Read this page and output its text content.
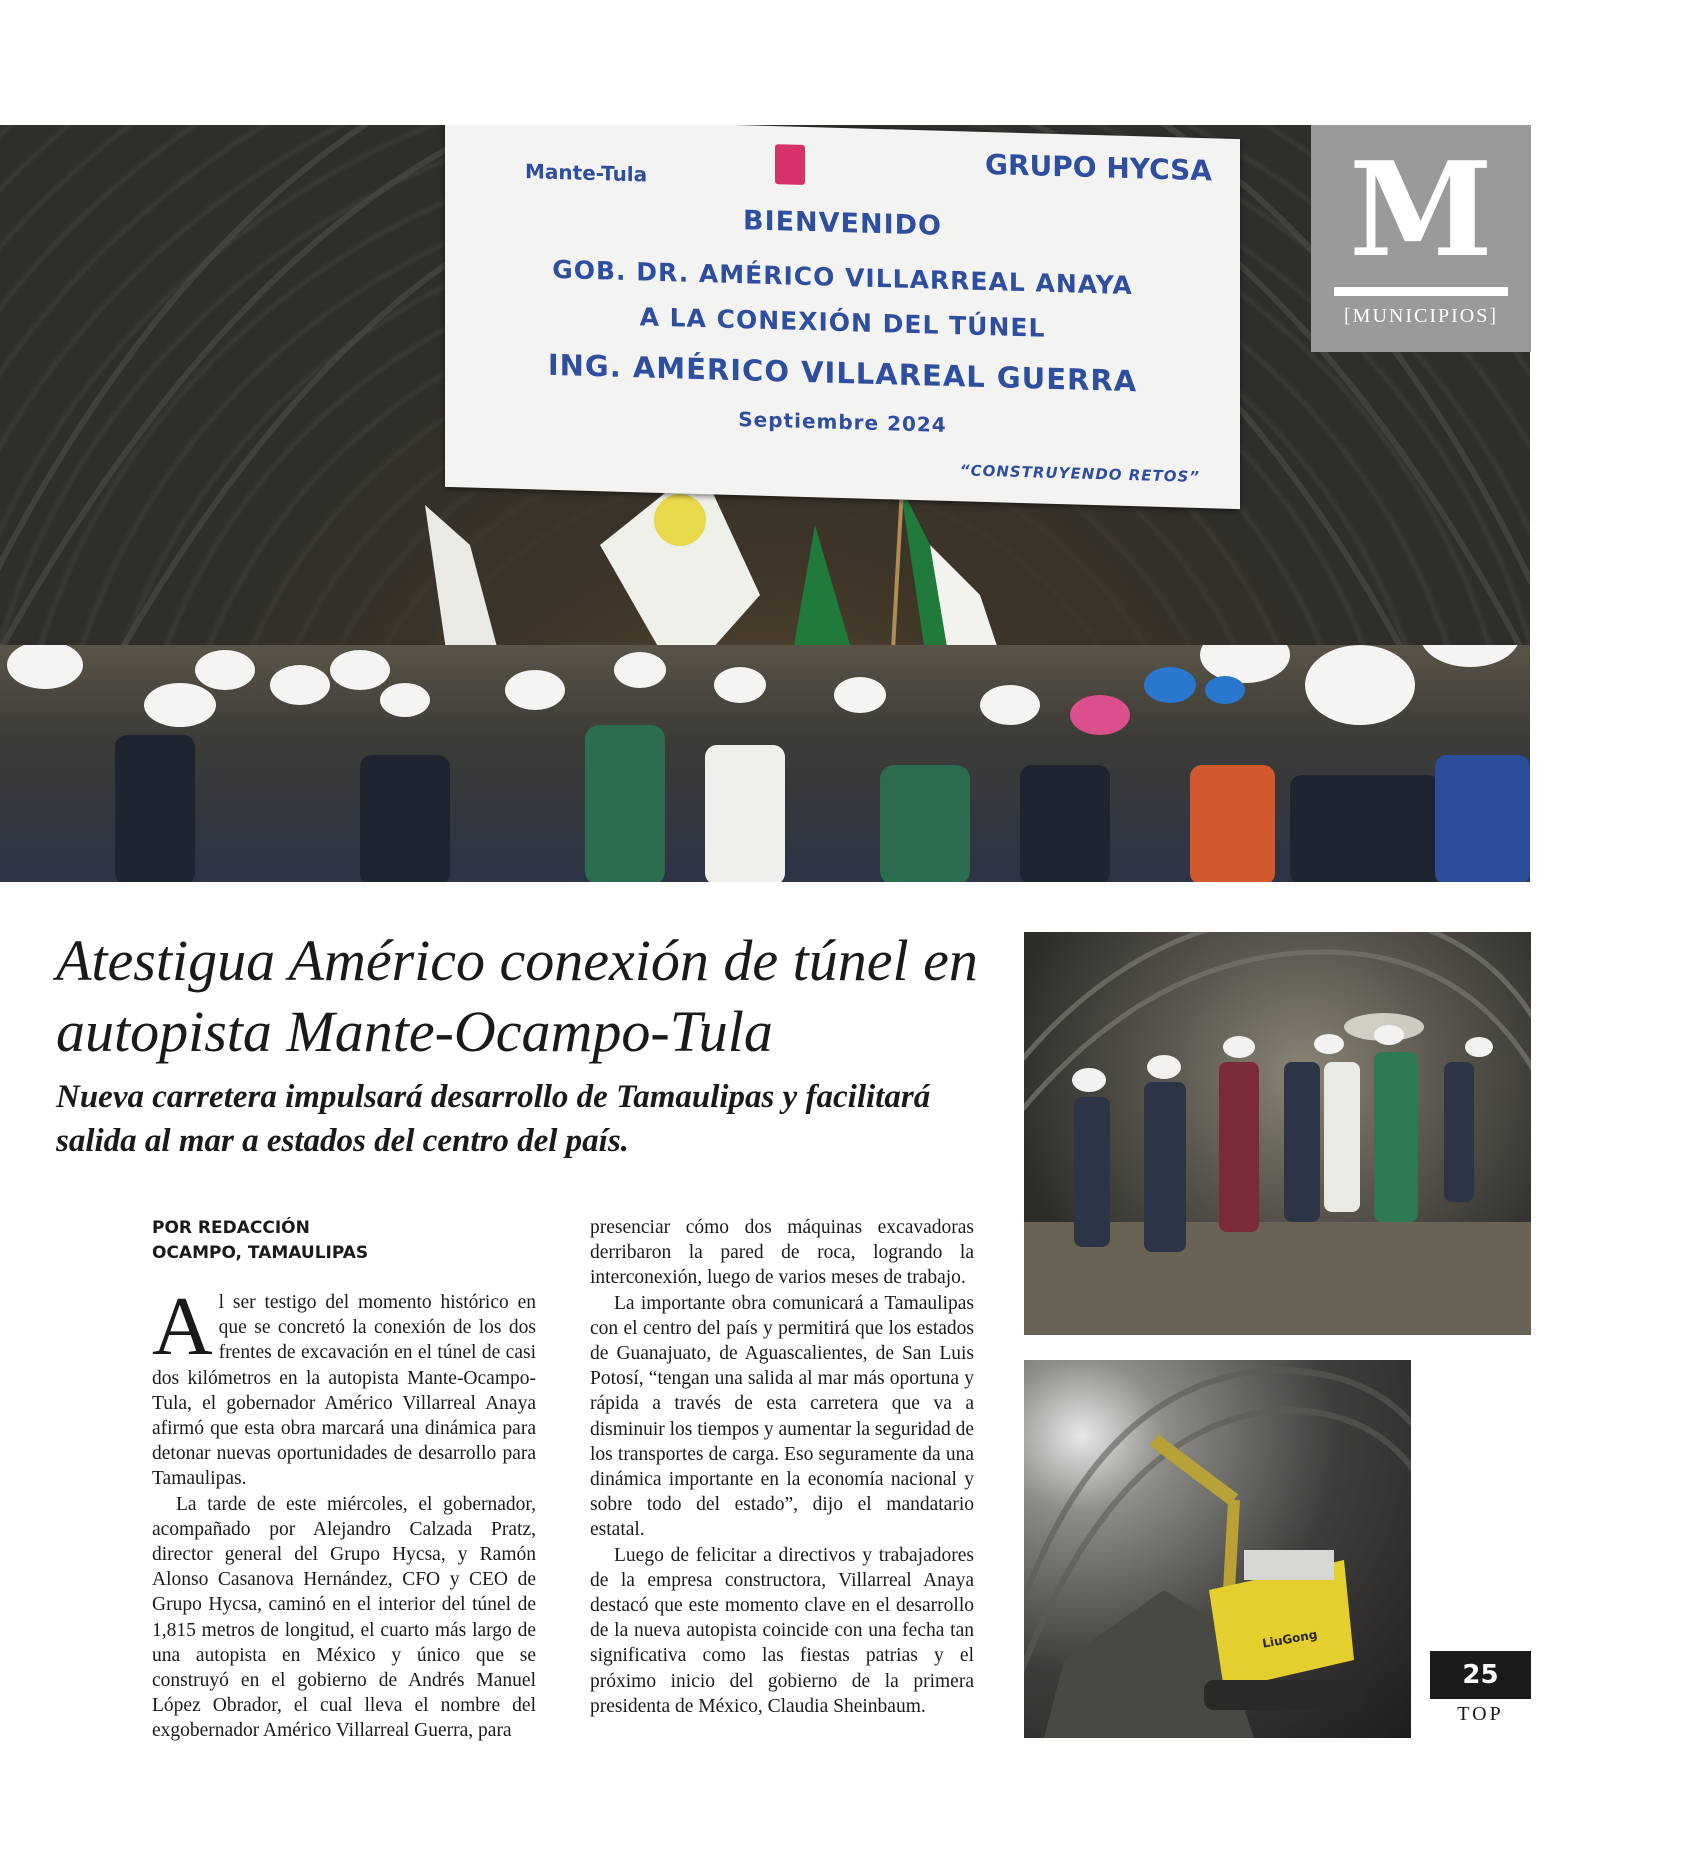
Mante-Tula	GRUPO HYCSA
BIENVENIDO
GOB. DR. AMÉRICO VILLARREAL ANAYA
A LA CONEXIÓN DEL TÚNEL
ING. AMÉRICO VILLAREAL GUERRA
Septiembre 2024
“CONSTRUYENDO RETOS”
M
[MUNICIPIOS]
Atestigua Américo conexión de túnel en autopista Mante-Ocampo-Tula
Nueva carretera impulsará desarrollo de Tamaulipas y facilitará salida al mar a estados del centro del país.
POR REDACCIÓN
OCAMPO, TAMAULIPAS

Al ser testigo del momento histórico en que se concretó la conexión de los dos frentes de excavación en el túnel de casi dos kilómetros en la autopista Mante-Ocampo-Tula, el gobernador Américo Villarreal Anaya afirmó que esta obra marcará una dinámica para detonar nuevas oportunidades de desarrollo para Tamaulipas.

La tarde de este miércoles, el gobernador, acompañado por Alejandro Calzada Pratz, director general del Grupo Hycsa, y Ramón Alonso Casanova Hernández, CFO y CEO de Grupo Hycsa, caminó en el interior del túnel de 1,815 metros de longitud, el cuarto más largo de una autopista en México y único que se construyó en el gobierno de Andrés Manuel López Obrador, el cual lleva el nombre del exgobernador Américo Villarreal Guerra, para

presenciar cómo dos máquinas excavadoras derribaron la pared de roca, logrando la interconexión, luego de varios meses de trabajo.

La importante obra comunicará a Tamaulipas con el centro del país y permitirá que los estados de Guanajuato, de Aguascalientes, de San Luis Potosí, “tengan una salida al mar más oportuna y rápida a través de esta carretera que va a disminuir los tiempos y aumentar la seguridad de los transportes de carga. Eso seguramente da una dinámica importante en la economía nacional y sobre todo del estado”, dijo el mandatario estatal.

Luego de felicitar a directivos y trabajadores de la empresa constructora, Villarreal Anaya destacó que este momento clave en el desarrollo de la nueva autopista coincide con una fecha tan significativa como las fiestas patrias y el próximo inicio del gobierno de la primera presidenta de México, Claudia Sheinbaum.

LiuGong
25
TOP
